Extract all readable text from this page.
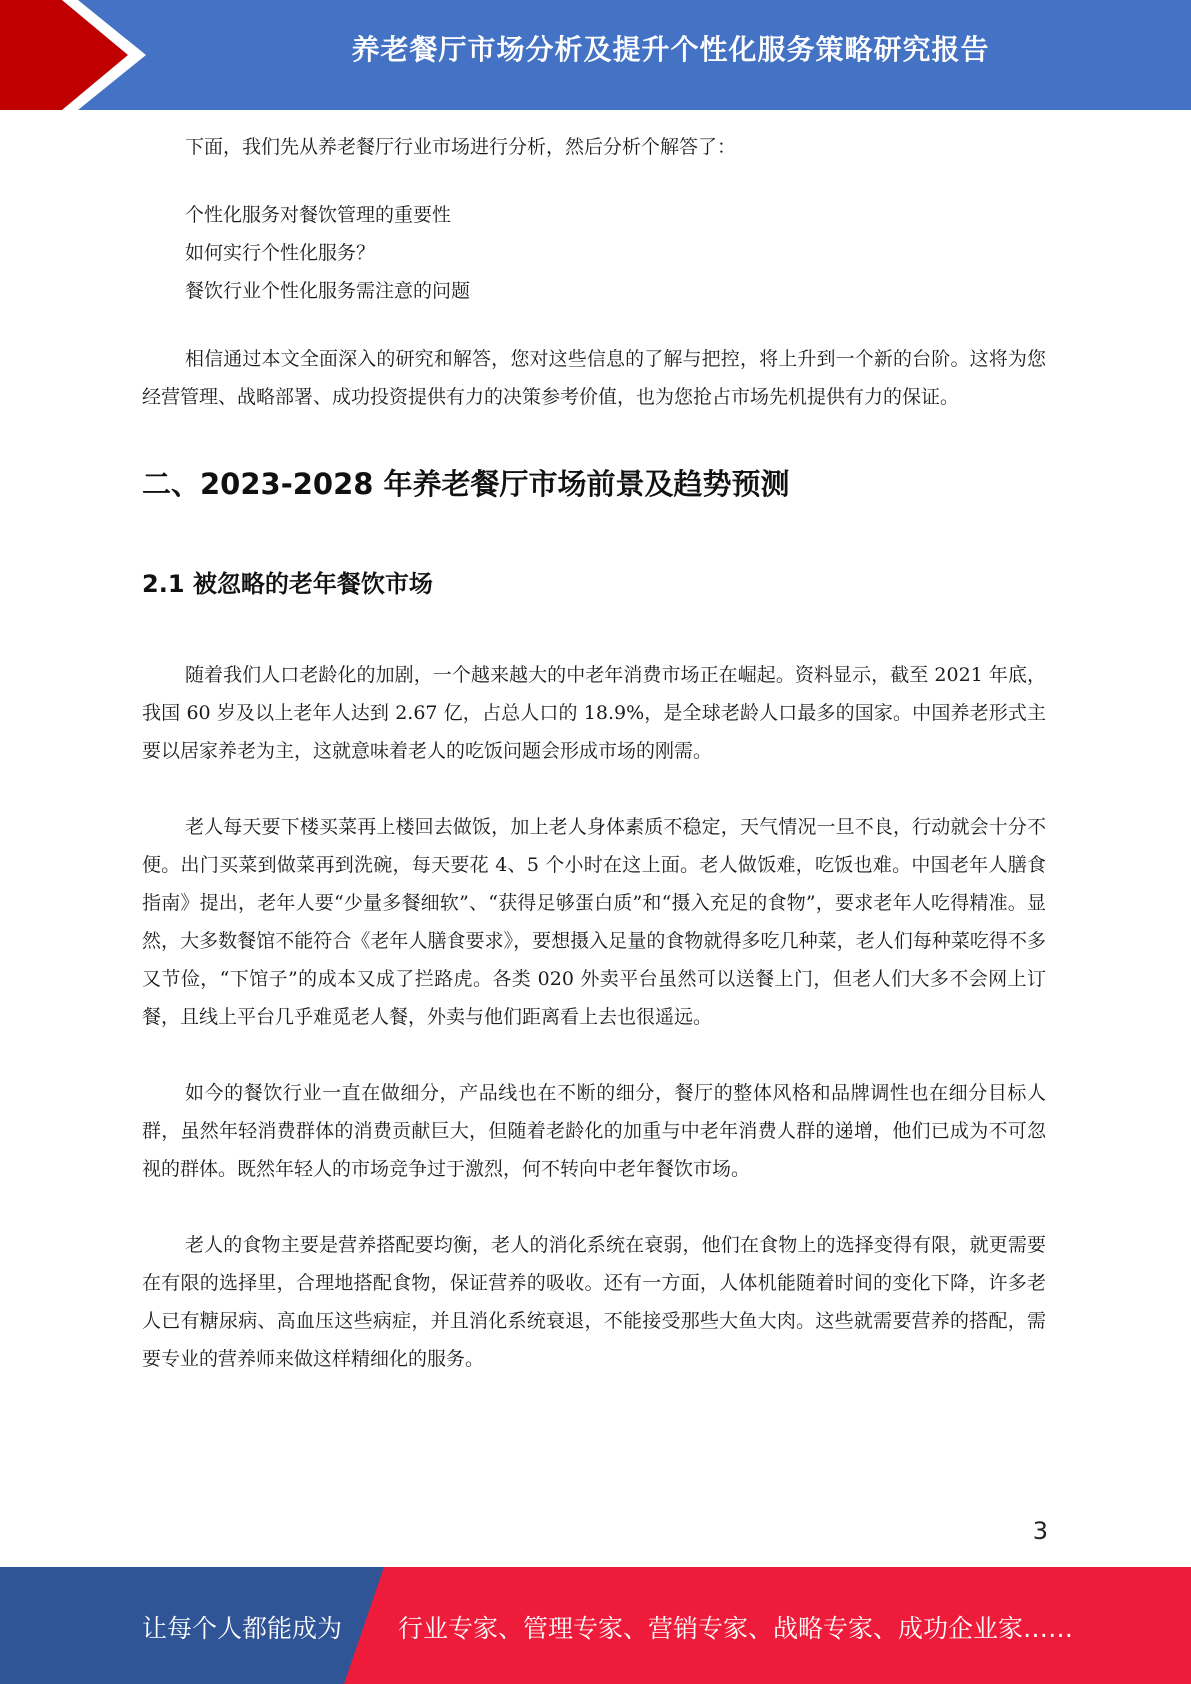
养老餐厅市场分析及提升个性化服务策略研究报告

下面，我们先从养老餐厅行业市场进行分析，然后分析个解答了：

个性化服务对餐饮管理的重要性

如何实行个性化服务？

餐饮行业个性化服务需注意的问题

相信通过本文全面深入的研究和解答，您对这些信息的了解与把控，将上升到一个新的台阶。这将为您经营管理、战略部署、成功投资提供有力的决策参考价值，也为您抢占市场先机提供有力的保证。

二、2023-2028 年养老餐厅市场前景及趋势预测
2.1 被忽略的老年餐饮市场

随着我们人口老龄化的加剧，一个越来越大的中老年消费市场正在崛起。资料显示，截至 2021 年底，我国 60 岁及以上老年人达到 2.67 亿，占总人口的 18.9%，是全球老龄人口最多的国家。中国养老形式主要以居家养老为主，这就意味着老人的吃饭问题会形成市场的刚需。

老人每天要下楼买菜再上楼回去做饭，加上老人身体素质不稳定，天气情况一旦不良，行动就会十分不便。出门买菜到做菜再到洗碗，每天要花 4、5 个小时在这上面。老人做饭难，吃饭也难。中国老年人膳食指南》提出，老年人要“少量多餐细软”、“获得足够蛋白质”和“摄入充足的食物”，要求老年人吃得精准。显然，大多数餐馆不能符合《老年人膳食要求》，要想摄入足量的食物就得多吃几种菜，老人们每种菜吃得不多又节俭，“下馆子”的成本又成了拦路虎。各类 020 外卖平台虽然可以送餐上门，但老人们大多不会网上订餐，且线上平台几乎难觅老人餐，外卖与他们距离看上去也很遥远。

如今的餐饮行业一直在做细分，产品线也在不断的细分，餐厅的整体风格和品牌调性也在细分目标人群，虽然年轻消费群体的消费贡献巨大，但随着老龄化的加重与中老年消费人群的递增，他们已成为不可忽视的群体。既然年轻人的市场竞争过于激烈，何不转向中老年餐饮市场。

老人的食物主要是营养搭配要均衡，老人的消化系统在衰弱，他们在食物上的选择变得有限，就更需要在有限的选择里，合理地搭配食物，保证营养的吸收。还有一方面，人体机能随着时间的变化下降，许多老人已有糖尿病、高血压这些病症，并且消化系统衰退，不能接受那些大鱼大肉。这些就需要营养的搭配，需要专业的营养师来做这样精细化的服务。

3
让每个人都能成为 行业专家、管理专家、营销专家、战略专家、成功企业家……
